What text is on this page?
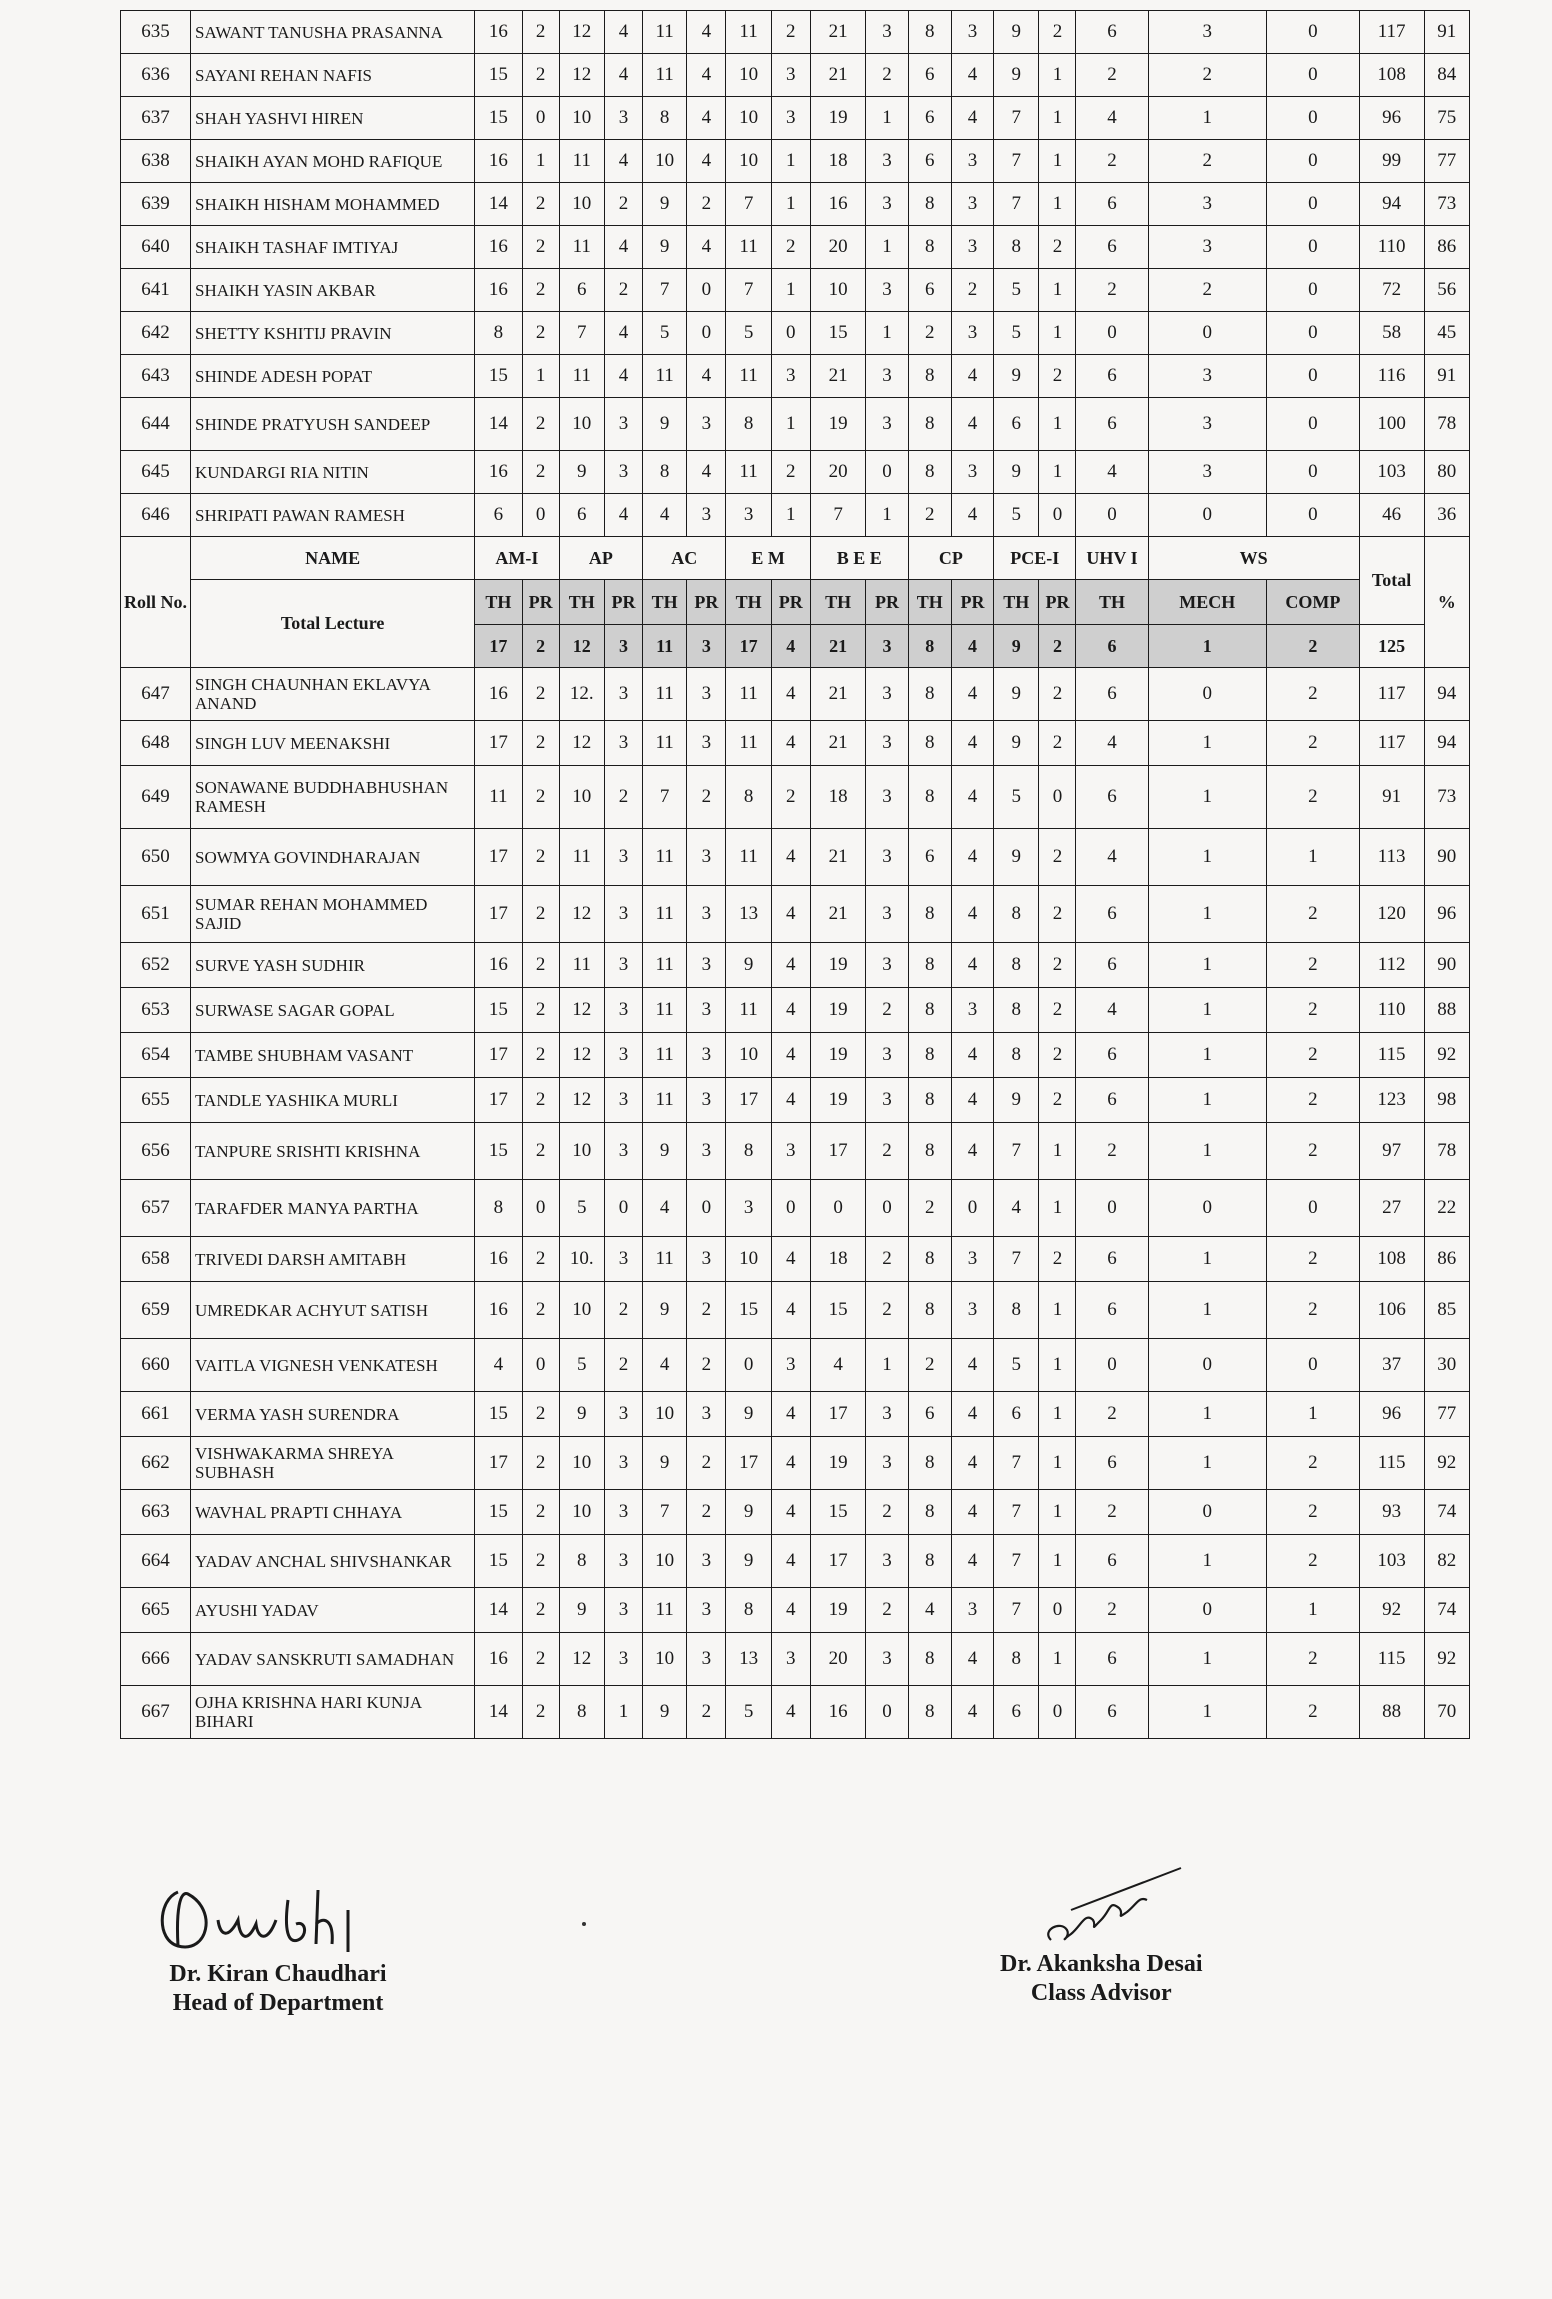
635	SAWANT TANUSHA PRASANNA	16	2	12	4	11	4	11	2	21	3	8	3	9	2	6	3	0	117	91
636	SAYANI REHAN NAFIS	15	2	12	4	11	4	10	3	21	2	6	4	9	1	2	2	0	108	84
637	SHAH YASHVI HIREN	15	0	10	3	8	4	10	3	19	1	6	4	7	1	4	1	0	96	75
638	SHAIKH AYAN MOHD RAFIQUE	16	1	11	4	10	4	10	1	18	3	6	3	7	1	2	2	0	99	77
639	SHAIKH HISHAM MOHAMMED	14	2	10	2	9	2	7	1	16	3	8	3	7	1	6	3	0	94	73
640	SHAIKH TASHAF IMTIYAJ	16	2	11	4	9	4	11	2	20	1	8	3	8	2	6	3	0	110	86
641	SHAIKH YASIN AKBAR	16	2	6	2	7	0	7	1	10	3	6	2	5	1	2	2	0	72	56
642	SHETTY KSHITIJ PRAVIN	8	2	7	4	5	0	5	0	15	1	2	3	5	1	0	0	0	58	45
643	SHINDE ADESH POPAT	15	1	11	4	11	4	11	3	21	3	8	4	9	2	6	3	0	116	91
644	SHINDE PRATYUSH SANDEEP	14	2	10	3	9	3	8	1	19	3	8	4	6	1	6	3	0	100	78
645	KUNDARGI RIA NITIN	16	2	9	3	8	4	11	2	20	0	8	3	9	1	4	3	0	103	80
646	SHRIPATI PAWAN RAMESH	6	0	6	4	4	3	3	1	7	1	2	4	5	0	0	0	0	46	36
Roll No.	NAME	AM-I		AP		AC		E M		B E E		CP		PCE-I		UHV I	WS		Total	%
	Total Lecture	TH	PR	TH	PR	TH	PR	TH	PR	TH	PR	TH	PR	TH	PR	TH	MECH	COMP		
		17	2	12	3	11	3	17	4	21	3	8	4	9	2	6	1	2	125	
647	SINGH CHAUNHAN EKLAVYA ANAND	16	2	12.	3	11	3	11	4	21	3	8	4	9	2	6	0	2	117	94
648	SINGH LUV MEENAKSHI	17	2	12	3	11	3	11	4	21	3	8	4	9	2	4	1	2	117	94
649	SONAWANE BUDDHABHUSHAN RAMESH	11	2	10	2	7	2	8	2	18	3	8	4	5	0	6	1	2	91	73
650	SOWMYA GOVINDHARAJAN	17	2	11	3	11	3	11	4	21	3	6	4	9	2	4	1	1	113	90
651	SUMAR REHAN MOHAMMED SAJID	17	2	12	3	11	3	13	4	21	3	8	4	8	2	6	1	2	120	96
652	SURVE YASH SUDHIR	16	2	11	3	11	3	9	4	19	3	8	4	8	2	6	1	2	112	90
653	SURWASE SAGAR GOPAL	15	2	12	3	11	3	11	4	19	2	8	3	8	2	4	1	2	110	88
654	TAMBE SHUBHAM VASANT	17	2	12	3	11	3	10	4	19	3	8	4	8	2	6	1	2	115	92
655	TANDLE YASHIKA MURLI	17	2	12	3	11	3	17	4	19	3	8	4	9	2	6	1	2	123	98
656	TANPURE SRISHTI KRISHNA	15	2	10	3	9	3	8	3	17	2	8	4	7	1	2	1	2	97	78
657	TARAFDER MANYA PARTHA	8	0	5	0	4	0	3	0	0	0	2	0	4	1	0	0	0	27	22
658	TRIVEDI DARSH AMITABH	16	2	10.	3	11	3	10	4	18	2	8	3	7	2	6	1	2	108	86
659	UMREDKAR ACHYUT SATISH	16	2	10	2	9	2	15	4	15	2	8	3	8	1	6	1	2	106	85
660	VAITLA VIGNESH VENKATESH	4	0	5	2	4	2	0	3	4	1	2	4	5	1	0	0	0	37	30
661	VERMA YASH SURENDRA	15	2	9	3	10	3	9	4	17	3	6	4	6	1	2	1	1	96	77
662	VISHWAKARMA SHREYA SUBHASH	17	2	10	3	9	2	17	4	19	3	8	4	7	1	6	1	2	115	92
663	WAVHAL PRAPTI CHHAYA	15	2	10	3	7	2	9	4	15	2	8	4	7	1	2	0	2	93	74
664	YADAV ANCHAL SHIVSHANKAR	15	2	8	3	10	3	9	4	17	3	8	4	7	1	6	1	2	103	82
665	AYUSHI YADAV	14	2	9	3	11	3	8	4	19	2	4	3	7	0	2	0	1	92	74
666	YADAV SANSKRUTI SAMADHAN	16	2	12	3	10	3	13	3	20	3	8	4	8	1	6	1	2	115	92
667	OJHA KRISHNA HARI KUNJA BIHARI	14	2	8	1	9	2	5	4	16	0	8	4	6	0	6	1	2	88	70
Dr. Kiran Chaudhari
Head of Department
Dr. Akanksha Desai
Class Advisor
